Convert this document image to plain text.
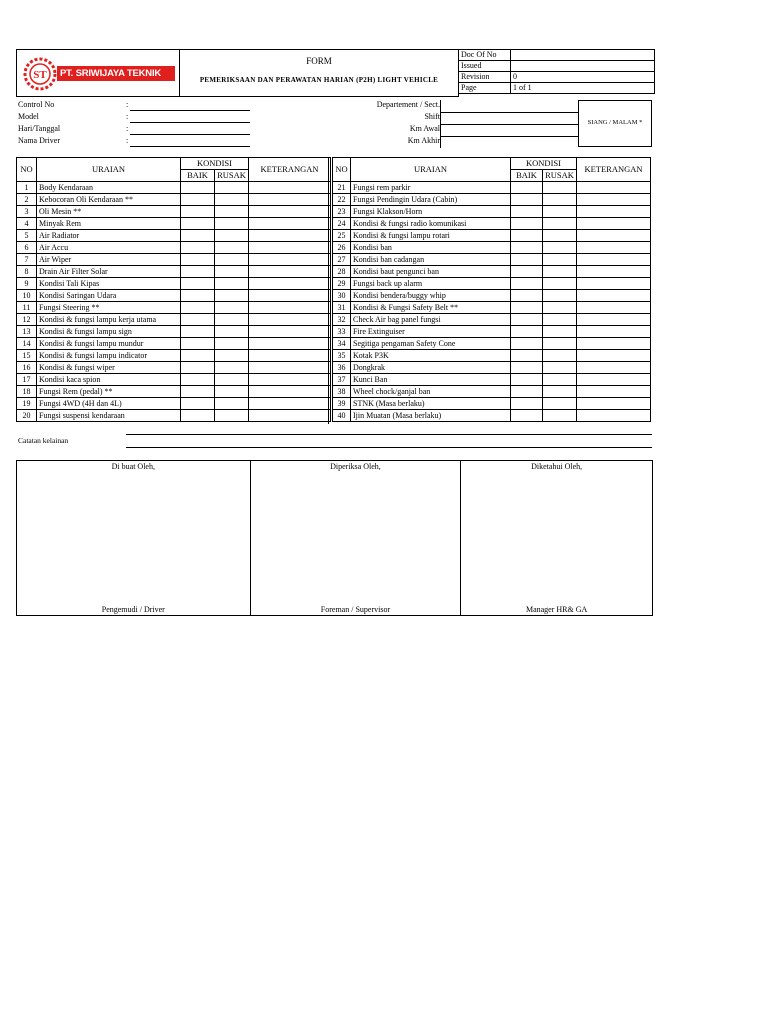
ST	PT. SRIWIJAYA TEKNIK UTAMA
FORM
PEMERIKSAAN DAN PERAWATAN HARIAN (P2H) LIGHT VEHICLE
Doc Of No	
Issued	
Revision	0
Page	1 of 1
Control No	:
Model	:
Hari/Tanggal	:
Nama Driver	:
Departement / Sect.
Shift
Km Awal
Km Akhir
SIANG / MALAM *
NO	URAIAN	KONDISI		KETERANGAN
		BAIK	RUSAK	
1	Body Kendaraan			
2	Kebocoran Oli Kendaraan **			
3	Oli Mesin **			
4	Minyak Rem			
5	Air Radiator			
6	Air Accu			
7	Air Wiper			
8	Drain Air Filter Solar			
9	Kondisi Tali Kipas			
10	Kondisi Saringan Udara			
11	Fungsi Steering **			
12	Kondisi & fungsi lampu kerja utama			
13	Kondisi & fungsi lampu sign			
14	Kondisi & fungsi lampu mundur			
15	Kondisi & fungsi lampu indicator			
16	Kondisi & fungsi wiper			
17	Kondisi kaca spion			
18	Fungsi Rem (pedal) **			
19	Fungsi 4WD (4H dan 4L)			
20	Fungsi suspensi kendaraan			
NO	URAIAN	KONDISI		KETERANGAN
		BAIK	RUSAK	
21	Fungsi rem parkir			
22	Fungsi Pendingin Udara (Cabin)			
23	Fungsi Klakson/Horn			
24	Kondisi & fungsi radio komunikasi			
25	Kondisi & fungsi lampu rotari			
26	Kondisi ban			
27	Kondisi ban cadangan			
28	Kondisi baut pengunci ban			
29	Fungsi back up alarm			
30	Kondisi bendera/buggy whip			
31	Kondisi & Fungsi Safety Belt **			
32	Check Air bag panel fungsi			
33	Fire Extinguiser			
34	Segitiga pengaman Safety Cone			
35	Kotak P3K			
36	Dongkrak			
37	Kunci Ban			
38	Wheel chock/ganjal ban			
39	STNK (Masa berlaku)			
40	Ijin Muatan (Masa berlaku)			
Catatan kelainan
Di buat Oleh,	Diperiksa Oleh,	Diketahui Oleh,
Pengemudi / Driver	Foreman / Supervisor	Manager HR& GA
